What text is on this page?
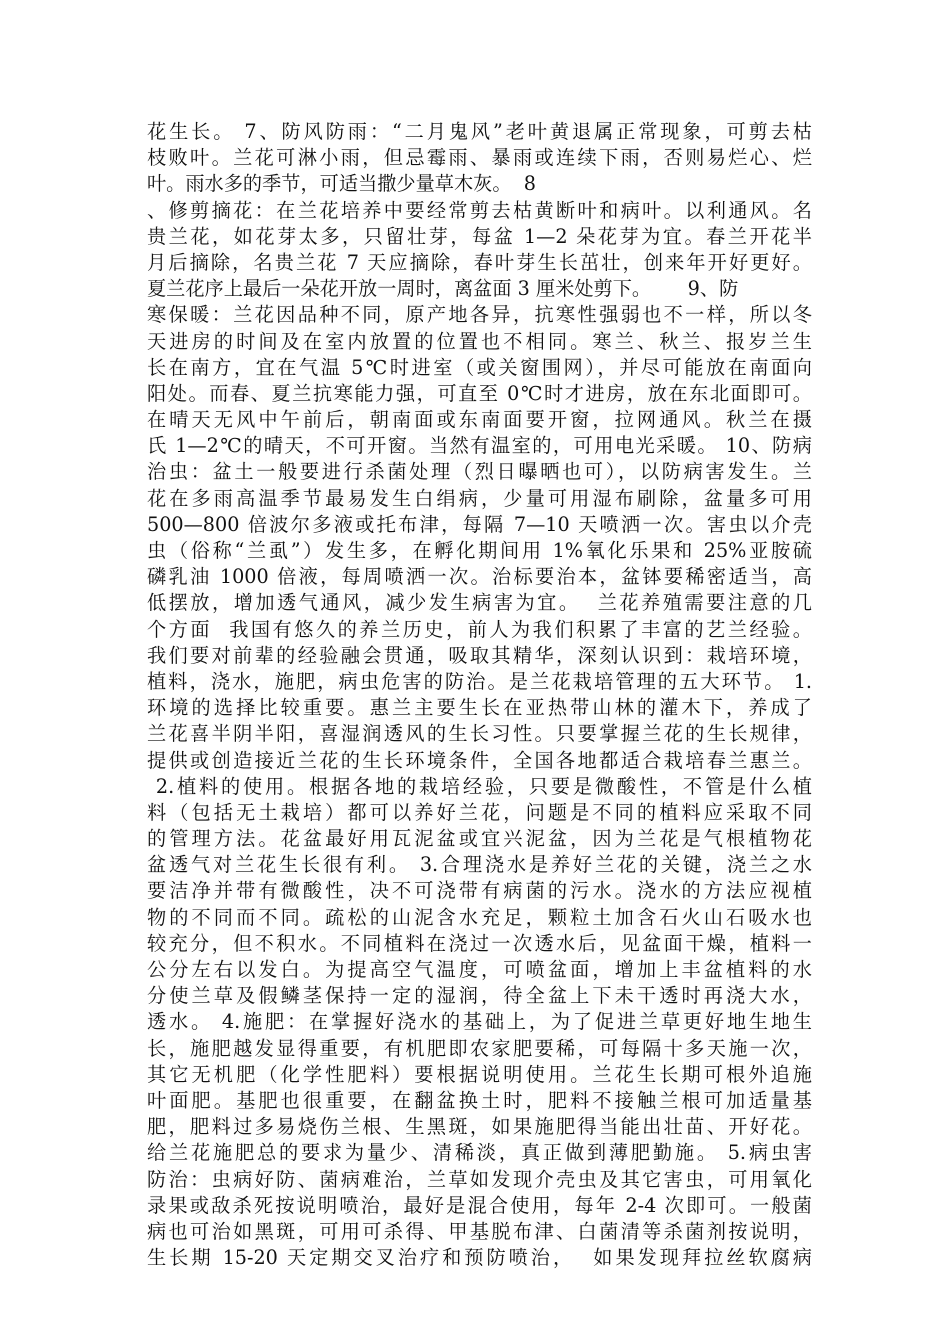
花生长。 7、防风防雨：“二月鬼风”老叶黄退属正常现象，可剪去枯
枝败叶。兰花可淋小雨，但忌霉雨、暴雨或连续下雨，否则易烂心、烂
叶。雨水多的季节，可适当撒少量草木灰。  8
、修剪摘花：在兰花培养中要经常剪去枯黄断叶和病叶。以利通风。名
贵兰花，如花芽太多，只留壮芽，每盆 1—2 朵花芽为宜。春兰开花半
月后摘除，名贵兰花 7 天应摘除，春叶芽生长茁壮，创来年开好更好。
夏兰花序上最后一朵花开放一周时，离盆面 3 厘米处剪下。      9、防
寒保暖：兰花因品种不同，原产地各异，抗寒性强弱也不一样，所以冬
天进房的时间及在室内放置的位置也不相同。寒兰、秋兰、报岁兰生
长在南方，宜在气温 5℃时进室（或关窗围网），并尽可能放在南面向
阳处。而春、夏兰抗寒能力强，可直至 0℃时才进房，放在东北面即可。
在晴天无风中午前后，朝南面或东南面要开窗，拉网通风。秋兰在摄
氏 1—2℃的晴天，不可开窗。当然有温室的，可用电光采暖。 10、防病
治虫：盆土一般要进行杀菌处理（烈日曝晒也可），以防病害发生。兰
花在多雨高温季节最易发生白绢病，少量可用湿布刷除，盆量多可用
500—800 倍波尔多液或托布津，每隔 7—10 天喷洒一次。害虫以介壳
虫（俗称“兰虱”）发生多，在孵化期间用 1%氧化乐果和 25%亚胺硫
磷乳油 1000 倍液，每周喷洒一次。治标要治本，盆钵要稀密适当，高
低摆放，增加透气通风，减少发生病害为宜。  兰花养殖需要注意的几
个方面  我国有悠久的养兰历史，前人为我们积累了丰富的艺兰经验。
我们要对前辈的经验融会贯通，吸取其精华，深刻认识到：栽培环境，
植料，浇水，施肥，病虫危害的防治。是兰花栽培管理的五大环节。 1.
环境的选择比较重要。惠兰主要生长在亚热带山林的灌木下，养成了
兰花喜半阴半阳，喜湿润透风的生长习性。只要掌握兰花的生长规律，
提供或创造接近兰花的生长环境条件，全国各地都适合栽培春兰惠兰。
2.植料的使用。根据各地的栽培经验，只要是微酸性，不管是什么植
料（包括无土栽培）都可以养好兰花，问题是不同的植料应采取不同
的管理方法。花盆最好用瓦泥盆或宜兴泥盆，因为兰花是气根植物花
盆透气对兰花生长很有利。 3.合理浇水是养好兰花的关键，浇兰之水
要洁净并带有微酸性，决不可浇带有病菌的污水。浇水的方法应视植
物的不同而不同。疏松的山泥含水充足，颗粒土加含石火山石吸水也
较充分，但不积水。不同植料在浇过一次透水后，见盆面干燥，植料一
公分左右以发白。为提高空气温度，可喷盆面，增加上丰盆植料的水
分使兰草及假鳞茎保持一定的湿润，待全盆上下未干透时再浇大水，
透水。 4.施肥：在掌握好浇水的基础上，为了促进兰草更好地生地生
长，施肥越发显得重要，有机肥即农家肥要稀，可每隔十多天施一次，
其它无机肥（化学性肥料）要根据说明使用。兰花生长期可根外追施
叶面肥。基肥也很重要，在翻盆换土时，肥料不接触兰根可加适量基
肥，肥料过多易烧伤兰根、生黑斑，如果施肥得当能出壮苗、开好花。
给兰花施肥总的要求为量少、清稀淡，真正做到薄肥勤施。 5.病虫害
防治：虫病好防、菌病难治，兰草如发现介壳虫及其它害虫，可用氧化
录果或敌杀死按说明喷治，最好是混合使用，每年 2-4 次即可。一般菌
病也可治如黑斑，可用可杀得、甲基脱布津、白菌清等杀菌剂按说明，
生长期 15-20 天定期交叉治疗和预防喷治，  如果发现拜拉丝软腐病
